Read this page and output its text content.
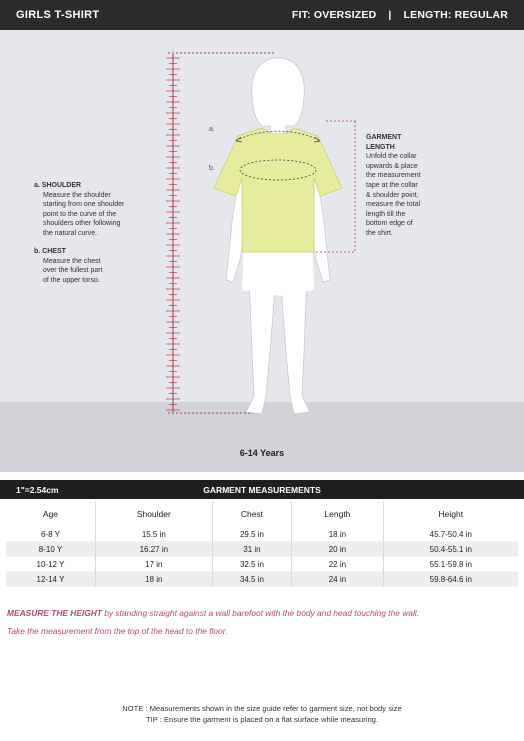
GIRLS T-SHIRT	FIT: OVERSIZED | LENGTH: REGULAR
a.
b.
a. SHOULDER
Measure the shoulder
starting from one shoulder
point to the curve of the
shoulders other following
the natural curve.
b. CHEST
Measure the chest
over the fullest part
of the upper torso.
GARMENT
LENGTH
Unfold the collar
upwards & place
the measurement
tape at the collar
& shoulder point,
measure the total
length till the
bottom edge of
the shirt.
6-14 Years
1"=2.54cm	GARMENT MEASUREMENTS
Age	Shoulder	Chest	Length	Height
6-8 Y	15.5 in	29.5 in	18 in	45.7-50.4 in
8-10 Y	16.27 in	31 in	20 in	50.4-55.1 in
10-12 Y	17 in	32.5 in	22 in	55.1-59.8 in
12-14 Y	18 in	34.5 in	24 in	59.8-64.6 in
MEASURE THE HEIGHT by standing straight against a wall barefoot with the body and head touching the wall.
Take the measurement from the top of the head to the floor.
NOTE : Measurements shown in the size guide refer to garment size, not body size
TIP : Ensure the garment is placed on a flat surface while measuring.
